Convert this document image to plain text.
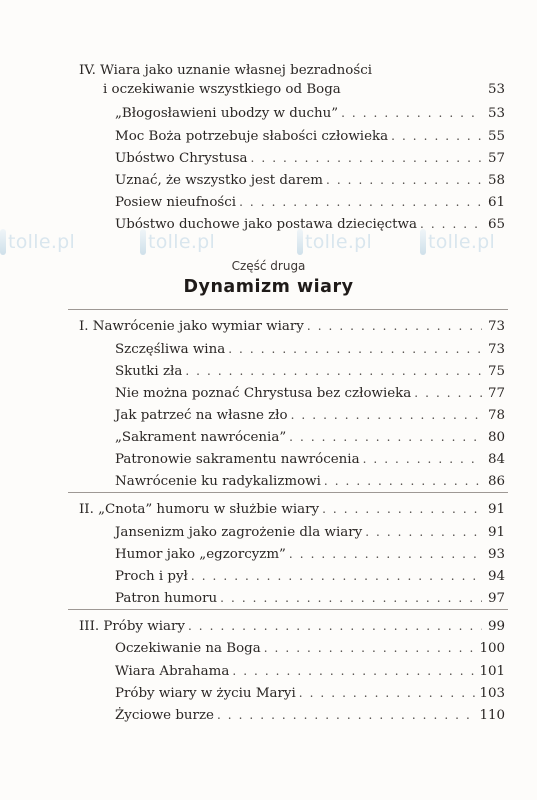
tolle.pl	tolle.pl	tolle.pl	tolle.pl
IV. Wiara jako uznanie własnej bezradności
i oczekiwanie wszystkiego od Boga	53
„Błogosławieni ubodzy w duchu” . . .	53
Moc Boża potrzebuje słabości człowieka . . .	55
Ubóstwo Chrystusa . . .	57
Uznać, że wszystko jest darem . . .	58
Posiew nieufności . . .	61
Ubóstwo duchowe jako postawa dziecięctwa . . .	65
Część druga
Dynamizm wiary
I. Nawrócenie jako wymiar wiary . . .	73
Szczęśliwa wina . . .	73
Skutki zła . . .	75
Nie można poznać Chrystusa bez człowieka . . .	77
Jak patrzeć na własne zło . . .	78
„Sakrament nawrócenia” . . .	80
Patronowie sakramentu nawrócenia . . .	84
Nawrócenie ku radykalizmowi . . .	86
II. „Cnota” humoru w służbie wiary . . .	91
Jansenizm jako zagrożenie dla wiary . . .	91
Humor jako „egzorcyzm” . . .	93
Proch i pył . . .	94
Patron humoru . . .	97
III. Próby wiary . . .	99
Oczekiwanie na Boga . . .	100
Wiara Abrahama . . .	101
Próby wiary w życiu Maryi . . .	103
Życiowe burze . . .	110
